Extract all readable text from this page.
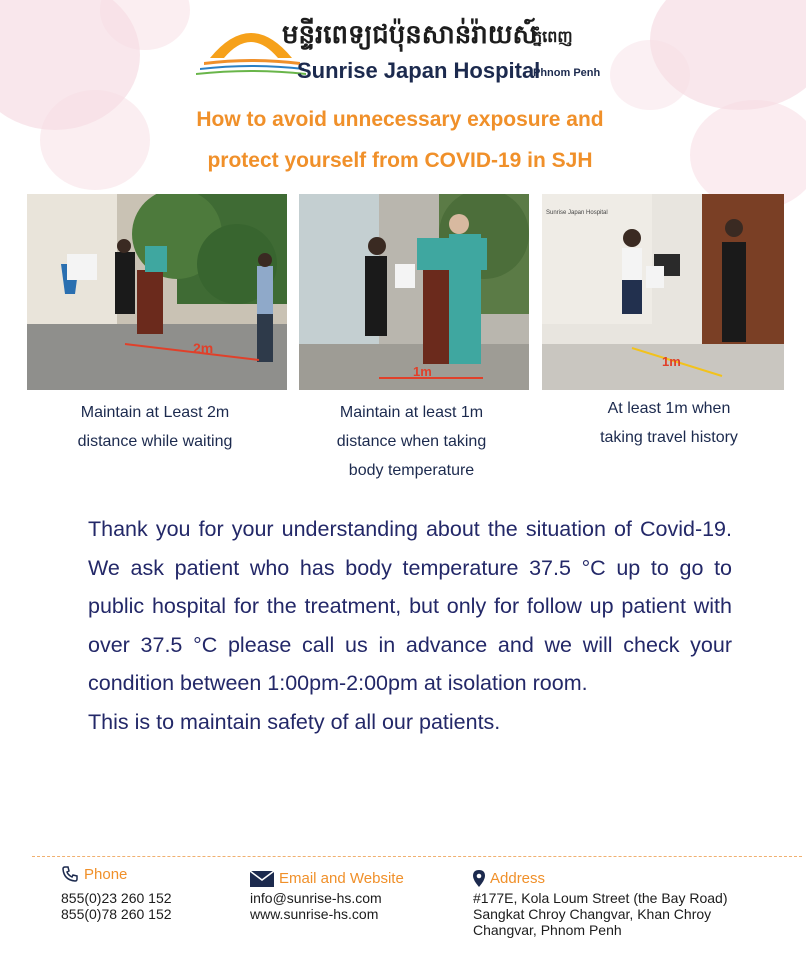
មន្ទីរពេទ្យជប៉ុនសាន់រ៉ាយស៍
ភ្នំពេញ
Sunrise Japan Hospital
Phnom Penh
How to avoid unnecessary exposure and
protect yourself from COVID-19 in SJH
2m
Maintain at Least 2m
distance while waiting
1m
Maintain at least 1m
distance when taking
body temperature
Sunrise Japan Hospital
1m
At least 1m when
taking travel history

Thank you for your understanding about the situation of Covid-19. We ask patient who has body temperature 37.5 °C up to go to public hospital for the treatment, but only for follow up patient with over 37.5 °C please call us in advance and we will check your condition between 1:00pm-2:00pm at isolation room.

This is to maintain safety of all our patients.

Phone
855(0)23 260 152
855(0)78 260 152
Email and Website
info@sunrise-hs.com
www.sunrise-hs.com
Address
#177E, Kola Loum Street (the Bay Road)
Sangkat Chroy Changvar, Khan Chroy
Changvar, Phnom Penh
